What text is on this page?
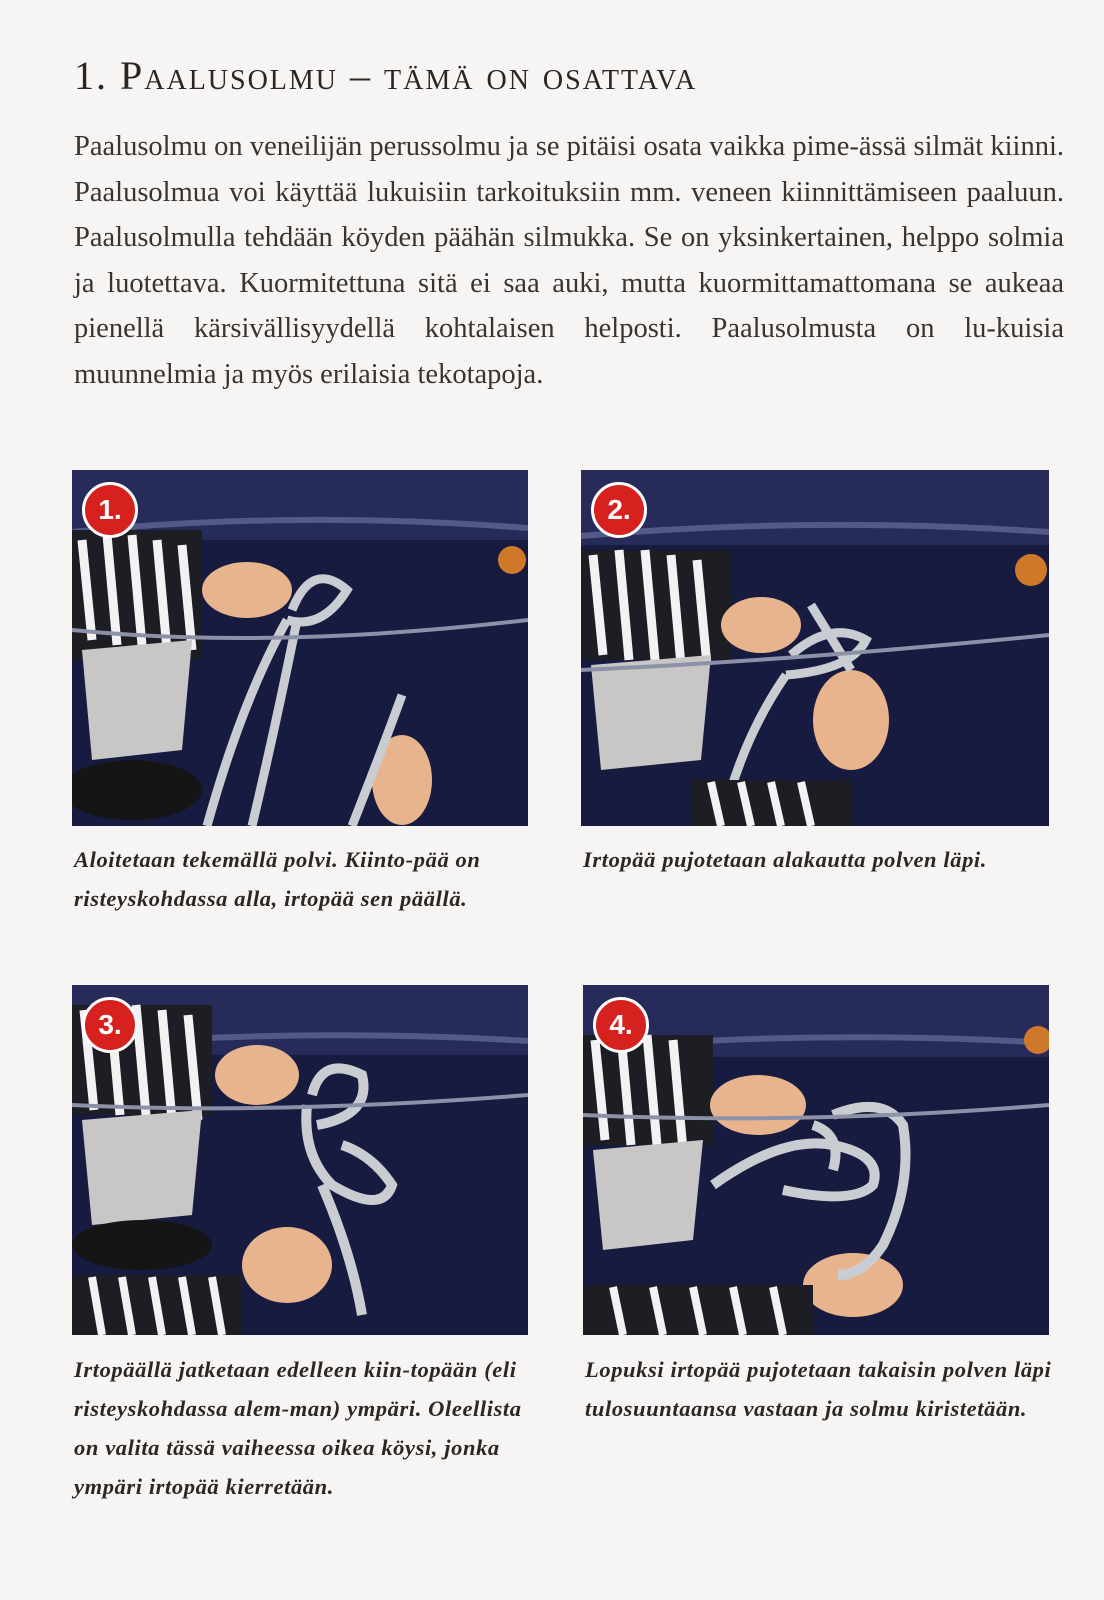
1. Paalusolmu – tämä on osattava
Paalusolmu on veneilijän perussolmu ja se pitäisi osata vaikka pime-ässä silmät kiinni. Paalusolmua voi käyttää lukuisiin tarkoituksiin mm. veneen kiinnittämiseen paaluun. Paalusolmulla tehdään köyden päähän silmukka. Se on yksinkertainen, helppo solmia ja luotettava. Kuormitettuna sitä ei saa auki, mutta kuormittamattomana se aukeaa pienellä kärsivällisyydellä kohtalaisen helposti. Paalusolmusta on lu-kuisia muunnelmia ja myös erilaisia tekotapoja.
1.
Aloitetaan tekemällä polvi. Kiinto-pää on risteyskohdassa alla, irtopää sen päällä.
2.
Irtopää pujotetaan alakautta polven läpi.
3.
Irtopäällä jatketaan edelleen kiin-topään (eli risteyskohdassa alem-man) ympäri. Oleellista on valita tässä vaiheessa oikea köysi, jonka ympäri irtopää kierretään.
4.
Lopuksi irtopää pujotetaan takaisin polven läpi tulosuuntaansa vastaan ja solmu kiristetään.
